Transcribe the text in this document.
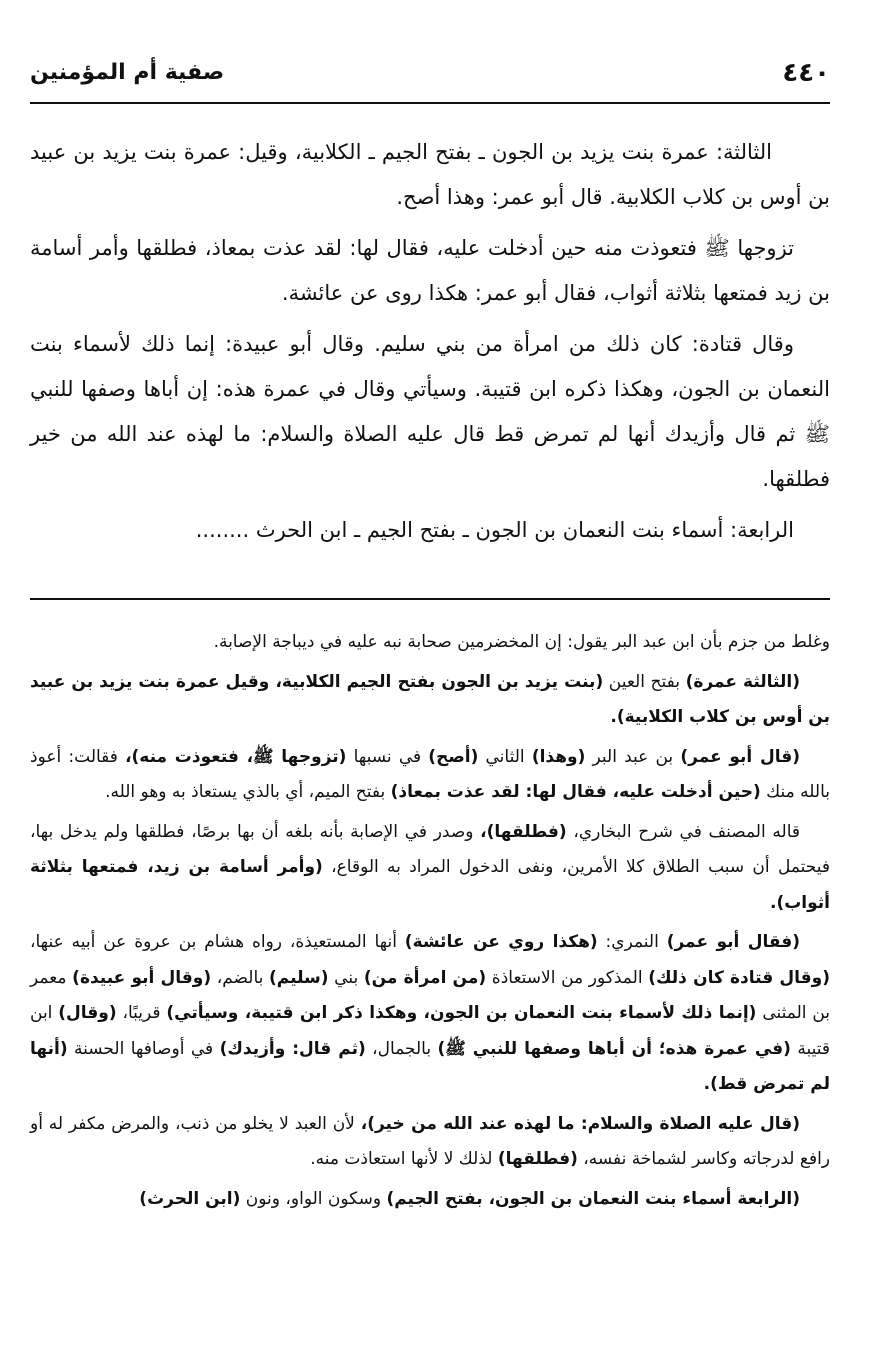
٤٤٠
صفية أم المؤمنين

الثالثة: عمرة بنت يزيد بن الجون ـ بفتح الجيم ـ الكلابية، وقيل: عمرة بنت يزيد بن عبيد بن أوس بن كلاب الكلابية. قال أبو عمر: وهذا أصح.

تزوجها ﷺ فتعوذت منه حين أدخلت عليه، فقال لها: لقد عذت بمعاذ، فطلقها وأمر أسامة بن زيد فمتعها بثلاثة أثواب، فقال أبو عمر: هكذا روى عن عائشة.

وقال قتادة: كان ذلك من امرأة من بني سليم. وقال أبو عبيدة: إنما ذلك لأسماء بنت النعمان بن الجون، وهكذا ذكره ابن قتيبة. وسيأتي وقال في عمرة هذه: إن أباها وصفها للنبي ﷺ ثم قال وأزيدك أنها لم تمرض قط قال عليه الصلاة والسلام: ما لهذه عند الله من خير فطلقها.

الرابعة: أسماء بنت النعمان بن الجون ـ بفتح الجيم ـ ابن الحرث ........

وغلط من جزم بأن ابن عبد البر يقول: إن المخضرمين صحابة نبه عليه في ديباجة الإصابة.

(الثالثة عمرة) بفتح العين (بنت يزيد بن الجون بفتح الجيم الكلابية، وقيل عمرة بنت يزيد بن عبيد بن أوس بن كلاب الكلابية).

(قال أبو عمر) بن عبد البر (وهذا) الثاني (أصح) في نسبها (تزوجها ﷺ، فتعوذت منه)، فقالت: أعوذ بالله منك (حين أدخلت عليه، فقال لها: لقد عذت بمعاذ) بفتح الميم، أي بالذي يستعاذ به وهو الله.

قاله المصنف في شرح البخاري، (فطلقها)، وصدر في الإصابة بأنه بلغه أن بها برصًا، فطلقها ولم يدخل بها، فيحتمل أن سبب الطلاق كلا الأمرين، ونفى الدخول المراد به الوقاع، (وأمر أسامة بن زيد، فمتعها بثلاثة أثواب).

(فقال أبو عمر) النمري: (هكذا روي عن عائشة) أنها المستعيذة، رواه هشام بن عروة عن أبيه عنها، (وقال قتادة كان ذلك) المذكور من الاستعاذة (من امرأة من) بني (سليم) بالضم، (وقال أبو عبيدة) معمر بن المثنى (إنما ذلك لأسماء بنت النعمان بن الجون، وهكذا ذكر ابن قتيبة، وسيأتي) قريبًا، (وقال) ابن قتيبة (في عمرة هذه؛ أن أباها وصفها للنبي ﷺ) بالجمال، (ثم قال: وأزيدك) في أوصافها الحسنة (أنها لم تمرض قط).

(قال عليه الصلاة والسلام: ما لهذه عند الله من خير)، لأن العبد لا يخلو من ذنب، والمرض مكفر له أو رافع لدرجاته وكاسر لشماخة نفسه، (فطلقها) لذلك لا لأنها استعاذت منه.

(الرابعة أسماء بنت النعمان بن الجون، بفتح الجيم) وسكون الواو، ونون (ابن الحرث)
